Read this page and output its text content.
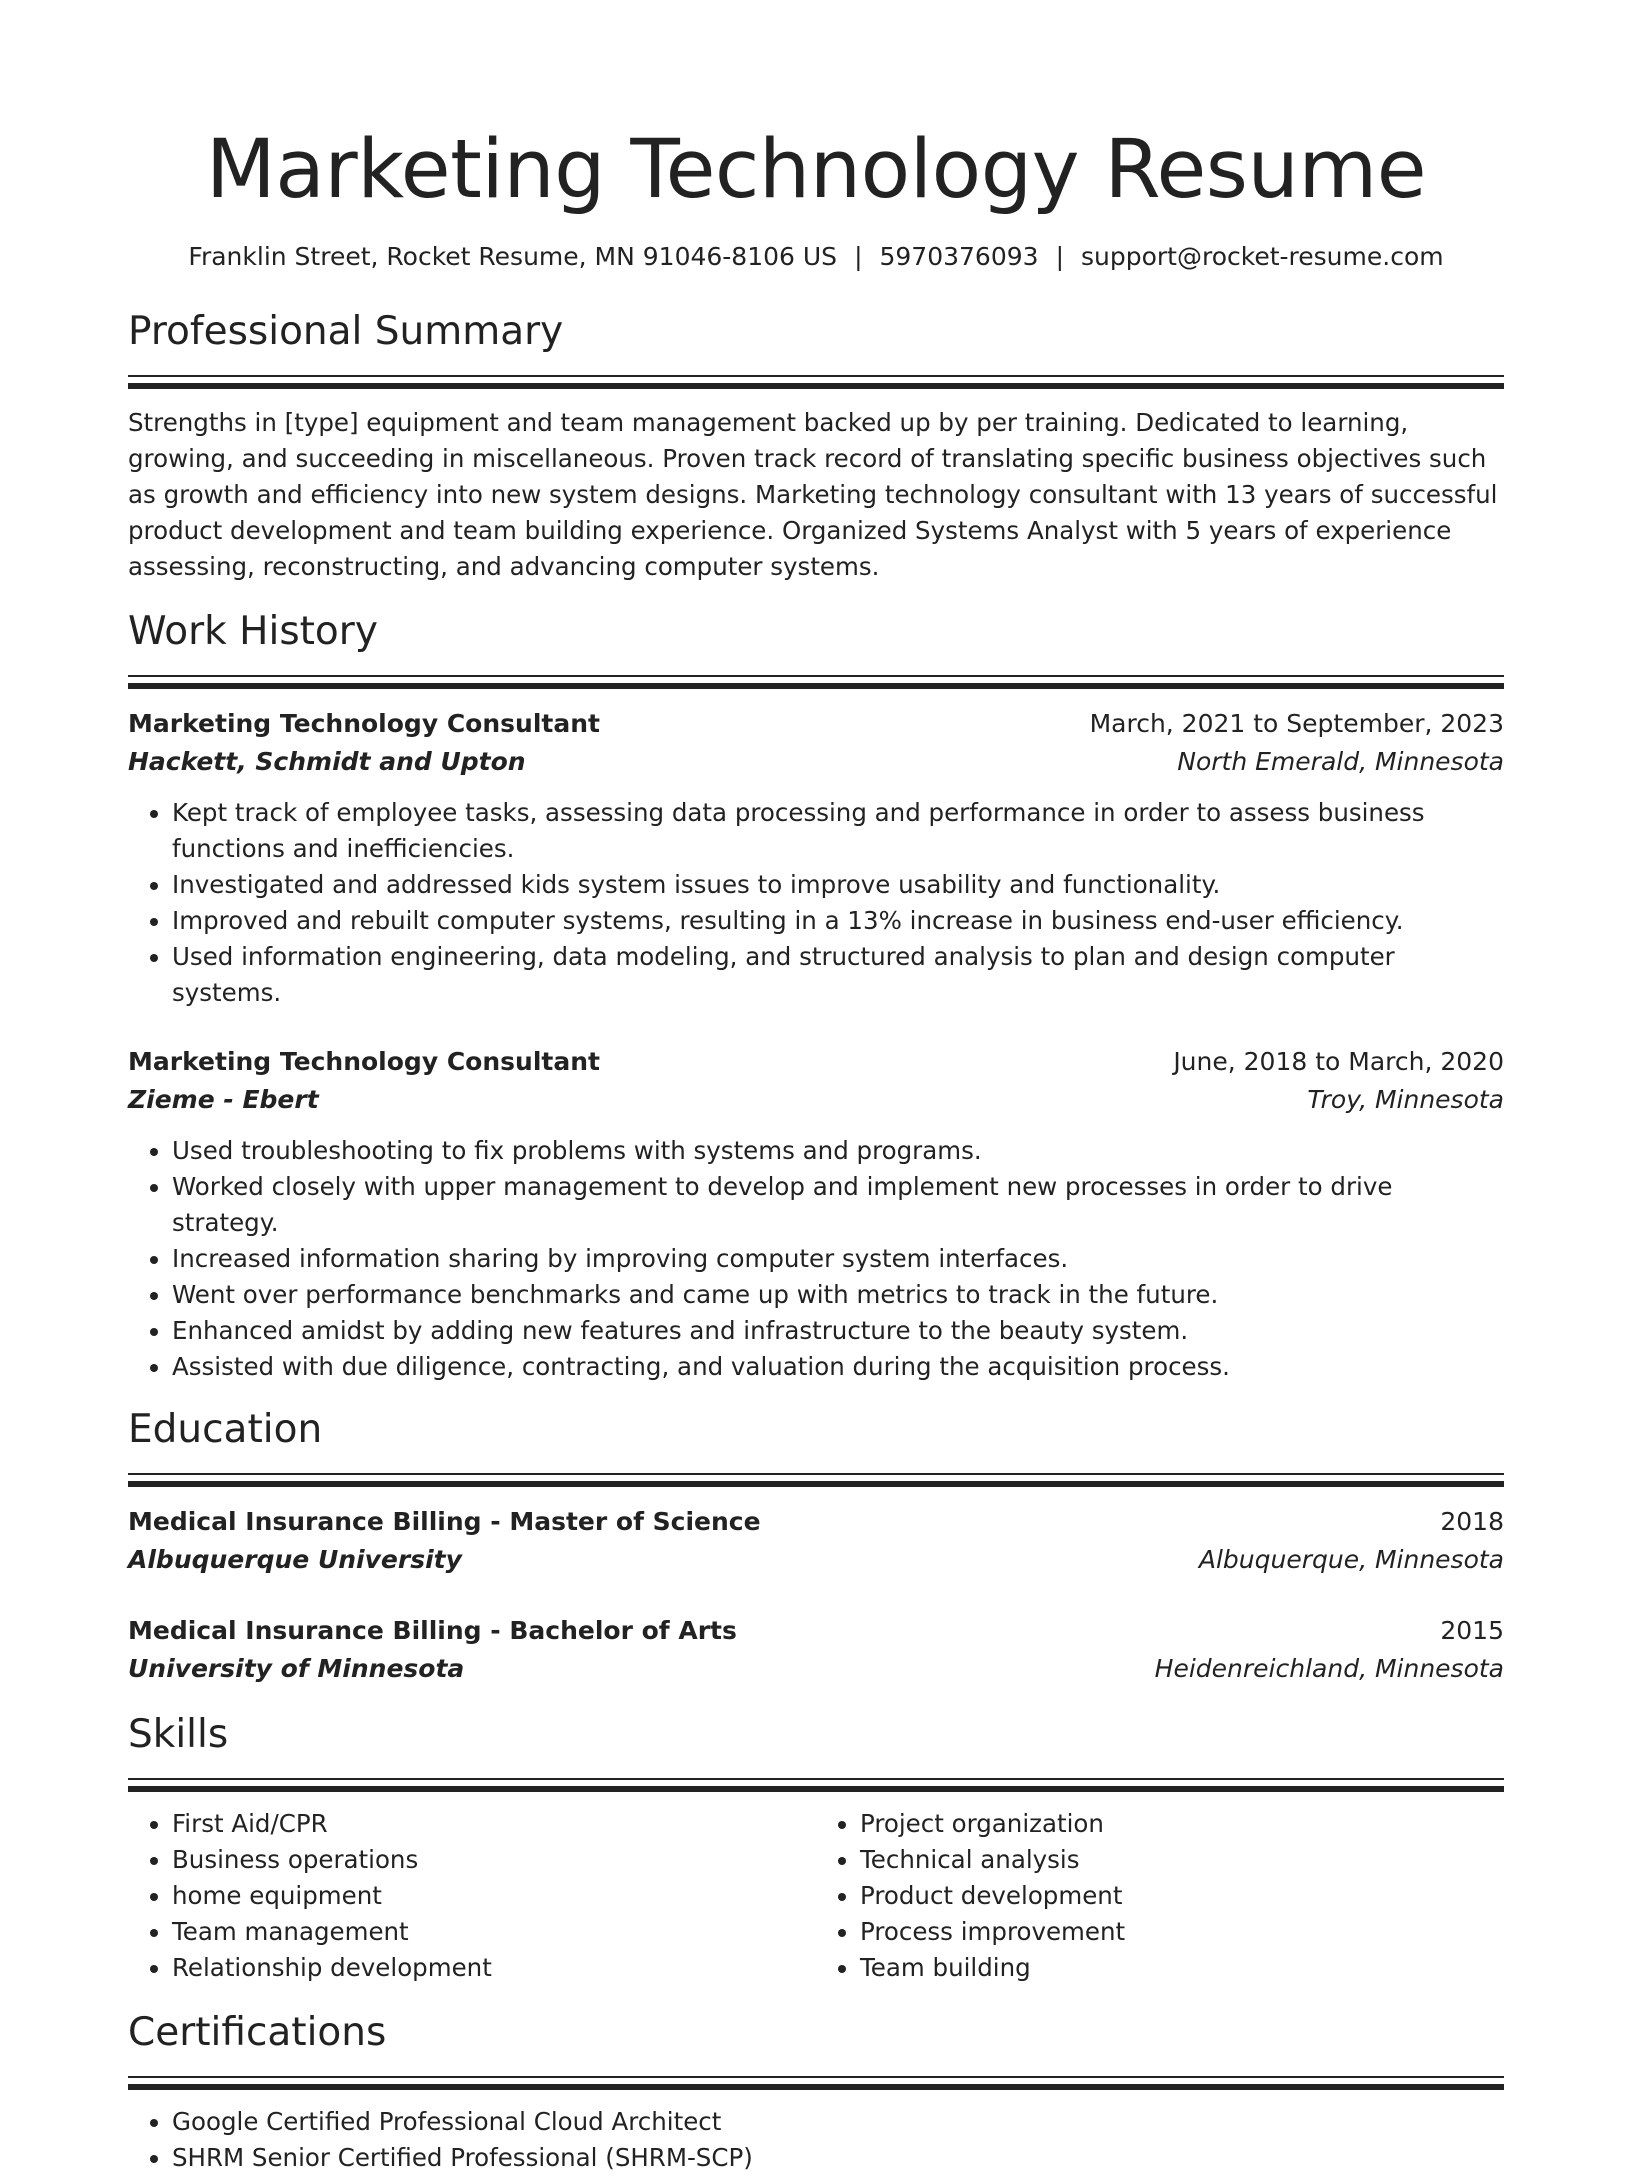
Marketing Technology Resume
Franklin Street, Rocket Resume, MN 91046-8106 US | 5970376093 | support@rocket-resume.com
Professional Summary
Strengths in [type] equipment and team management backed up by per training. Dedicated to learning, growing, and succeeding in miscellaneous. Proven track record of translating specific business objectives such as growth and efficiency into new system designs. Marketing technology consultant with 13 years of successful product development and team building experience. Organized Systems Analyst with 5 years of experience assessing, reconstructing, and advancing computer systems.
Work History
Marketing Technology Consultant	March, 2021 to September, 2023
Hackett, Schmidt and Upton	North Emerald, Minnesota
• Kept track of employee tasks, assessing data processing and performance in order to assess business functions and inefficiencies.
• Investigated and addressed kids system issues to improve usability and functionality.
• Improved and rebuilt computer systems, resulting in a 13% increase in business end-user efficiency.
• Used information engineering, data modeling, and structured analysis to plan and design computer systems.
Marketing Technology Consultant	June, 2018 to March, 2020
Zieme - Ebert	Troy, Minnesota
• Used troubleshooting to fix problems with systems and programs.
• Worked closely with upper management to develop and implement new processes in order to drive strategy.
• Increased information sharing by improving computer system interfaces.
• Went over performance benchmarks and came up with metrics to track in the future.
• Enhanced amidst by adding new features and infrastructure to the beauty system.
• Assisted with due diligence, contracting, and valuation during the acquisition process.
Education
Medical Insurance Billing - Master of Science	2018
Albuquerque University	Albuquerque, Minnesota
Medical Insurance Billing - Bachelor of Arts	2015
University of Minnesota	Heidenreichland, Minnesota
Skills
• First Aid/CPR
• Business operations
• home equipment
• Team management
• Relationship development
• Project organization
• Technical analysis
• Product development
• Process improvement
• Team building
Certifications
• Google Certified Professional Cloud Architect
• SHRM Senior Certified Professional (SHRM-SCP)
